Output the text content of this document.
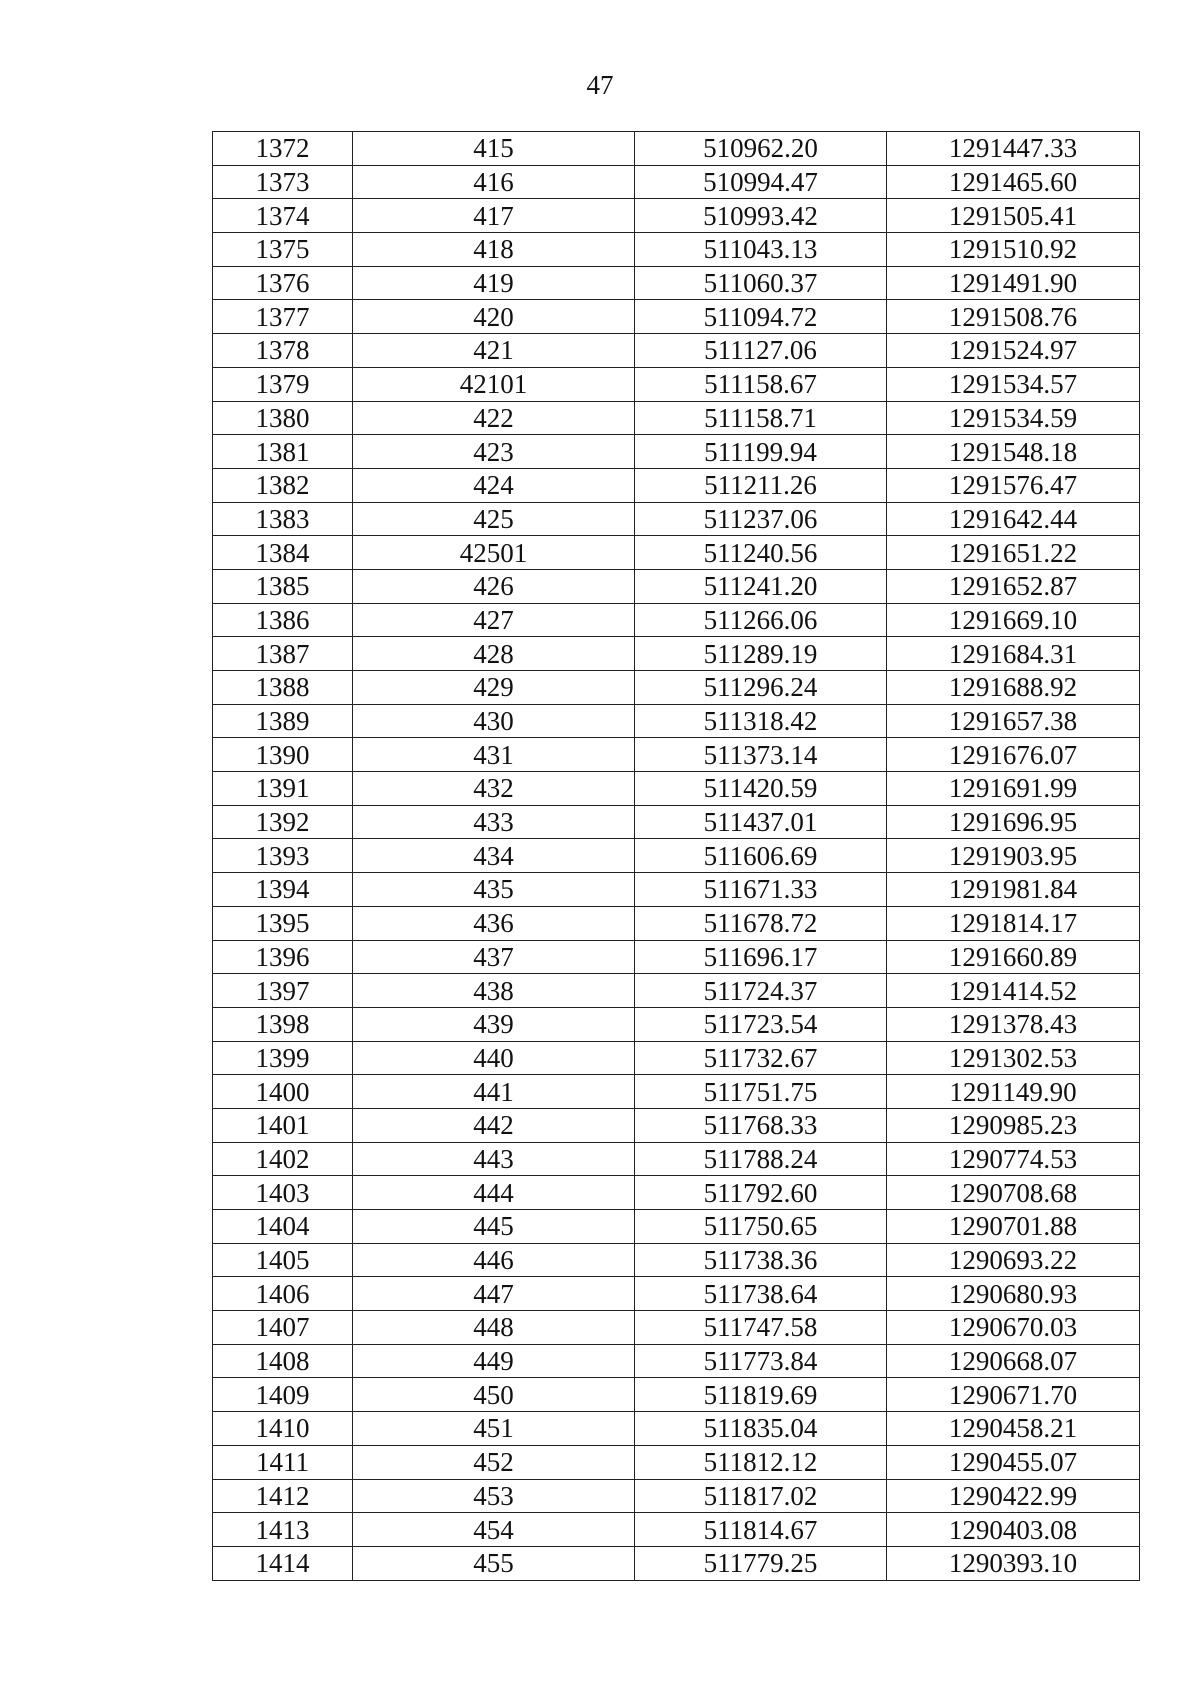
47
1372	415	510962.20	1291447.33
1373	416	510994.47	1291465.60
1374	417	510993.42	1291505.41
1375	418	511043.13	1291510.92
1376	419	511060.37	1291491.90
1377	420	511094.72	1291508.76
1378	421	511127.06	1291524.97
1379	42101	511158.67	1291534.57
1380	422	511158.71	1291534.59
1381	423	511199.94	1291548.18
1382	424	511211.26	1291576.47
1383	425	511237.06	1291642.44
1384	42501	511240.56	1291651.22
1385	426	511241.20	1291652.87
1386	427	511266.06	1291669.10
1387	428	511289.19	1291684.31
1388	429	511296.24	1291688.92
1389	430	511318.42	1291657.38
1390	431	511373.14	1291676.07
1391	432	511420.59	1291691.99
1392	433	511437.01	1291696.95
1393	434	511606.69	1291903.95
1394	435	511671.33	1291981.84
1395	436	511678.72	1291814.17
1396	437	511696.17	1291660.89
1397	438	511724.37	1291414.52
1398	439	511723.54	1291378.43
1399	440	511732.67	1291302.53
1400	441	511751.75	1291149.90
1401	442	511768.33	1290985.23
1402	443	511788.24	1290774.53
1403	444	511792.60	1290708.68
1404	445	511750.65	1290701.88
1405	446	511738.36	1290693.22
1406	447	511738.64	1290680.93
1407	448	511747.58	1290670.03
1408	449	511773.84	1290668.07
1409	450	511819.69	1290671.70
1410	451	511835.04	1290458.21
1411	452	511812.12	1290455.07
1412	453	511817.02	1290422.99
1413	454	511814.67	1290403.08
1414	455	511779.25	1290393.10
